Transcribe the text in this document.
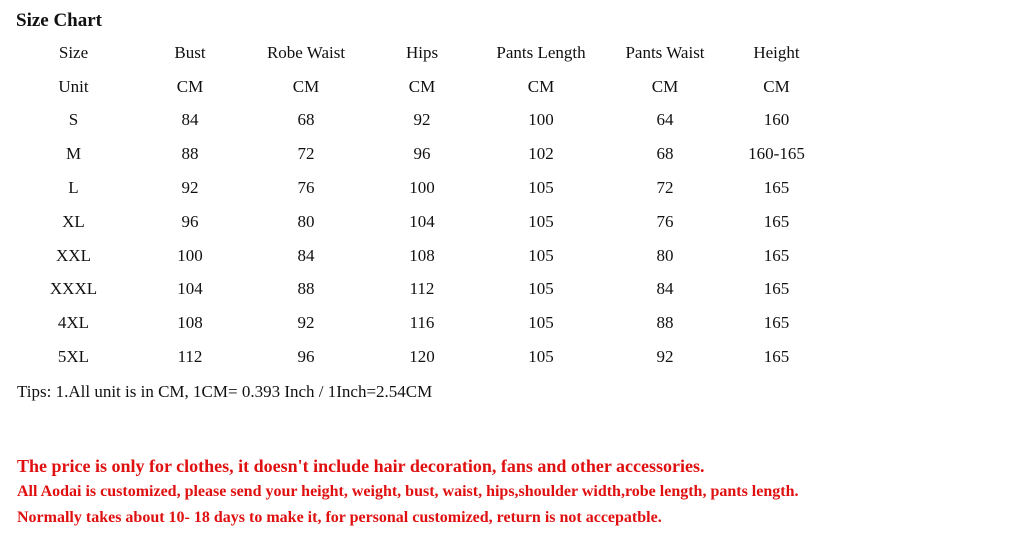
Size Chart
Size	Bust	Robe Waist	Hips	Pants Length	Pants Waist	Height
Unit	CM	CM	CM	CM	CM	CM
S	84	68	92	100	64	160
M	88	72	96	102	68	160-165
L	92	76	100	105	72	165
XL	96	80	104	105	76	165
XXL	100	84	108	105	80	165
XXXL	104	88	112	105	84	165
4XL	108	92	116	105	88	165
5XL	112	96	120	105	92	165
Tips: 1.All unit is in CM, 1CM= 0.393 Inch / 1Inch=2.54CM
The price is only for clothes, it doesn't include hair decoration, fans and other accessories.
All Aodai is customized, please send your height, weight, bust, waist, hips,shoulder width,robe length, pants length.
Normally takes about 10- 18 days to make it, for personal customized, return is not accepatble.
